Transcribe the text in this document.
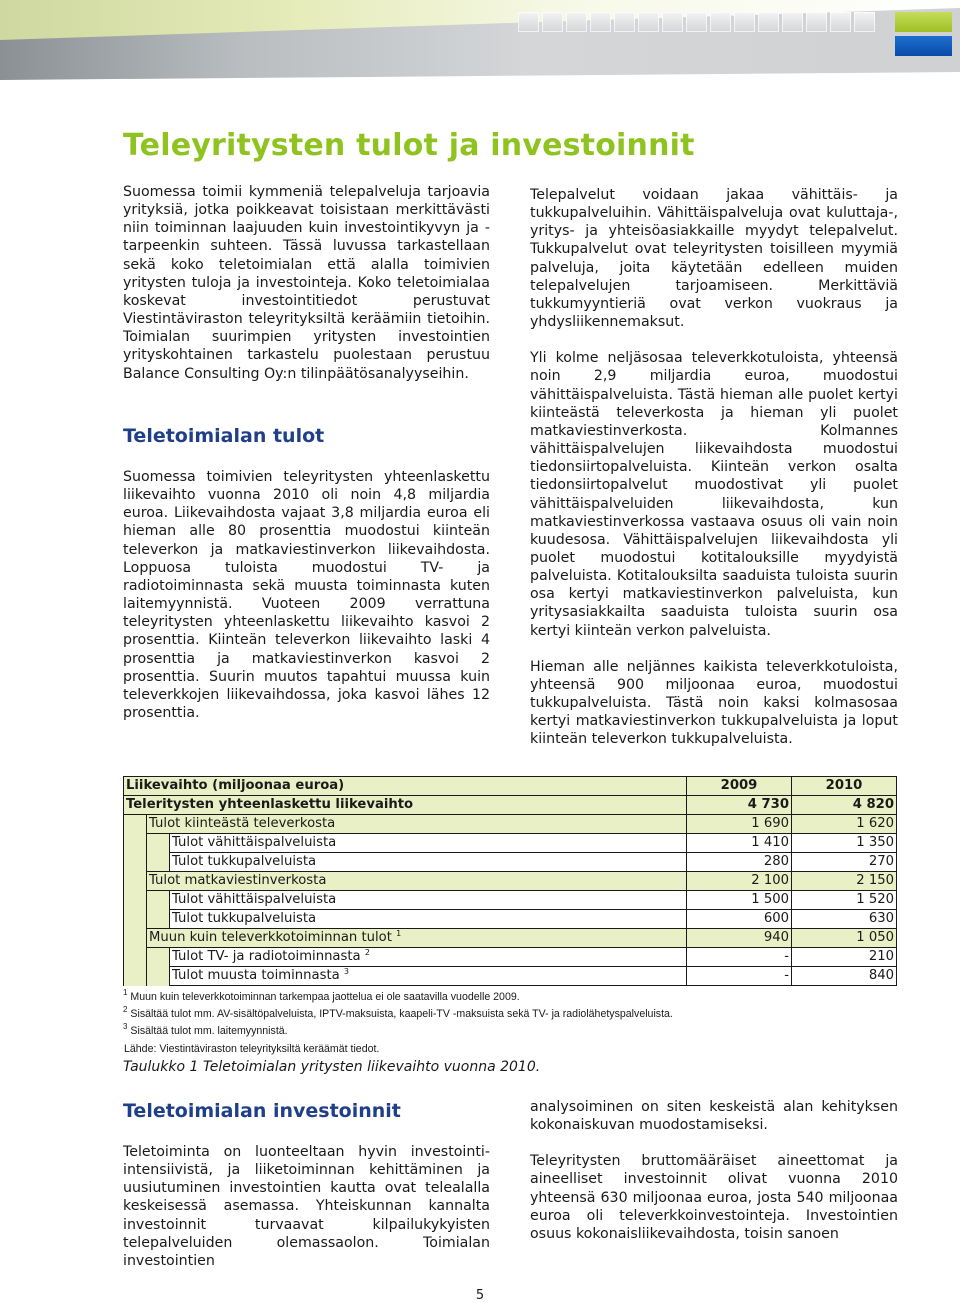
Teleyritysten tulot ja investoinnit

Suomessa toimii kymmeniä telepalveluja tarjoavia yrityksiä, jotka poikkeavat toisistaan merkittävästi niin toiminnan laajuuden kuin investointikyvyn ja -tarpeenkin suhteen. Tässä luvussa tarkastellaan sekä koko teletoimialan että alalla toimivien yritysten tuloja ja investointeja. Koko teletoimialaa koskevat investointitiedot perustuvat Viestintäviraston teleyrityksiltä keräämiin tietoihin. Toimialan suurimpien yritysten investointien yrityskohtainen tarkastelu puolestaan perustuu Balance Consulting Oy:n tilinpäätösanalyyseihin.

Telepalvelut voidaan jakaa vähittäis- ja tukkupalveluihin. Vähittäispalveluja ovat kuluttaja-, yritys- ja yhteisöasiakkaille myydyt telepalvelut. Tukkupalvelut ovat teleyritysten toisilleen myymiä palveluja, joita käytetään edelleen muiden telepalvelujen tarjoamiseen. Merkittäviä tukkumyyntieriä ovat verkon vuokraus ja yhdysliikennemaksut.

Yli kolme neljäsosaa televerkkotuloista, yhteensä noin 2,9 miljardia euroa, muodostui vähittäispalveluista. Tästä hieman alle puolet kertyi kiinteästä televerkosta ja hieman yli puolet matkaviestinverkosta. Kolmannes vähittäispalvelujen liikevaihdosta muodostui tiedonsiirtopalveluista. Kiinteän verkon osalta tiedonsiirtopalvelut muodostivat yli puolet vähittäispalveluiden liikevaihdosta, kun matkaviestinverkossa vastaava osuus oli vain noin kuudesosa. Vähittäispalvelujen liikevaihdosta yli puolet muodostui kotitalouksille myydyistä palveluista. Kotitalouksilta saaduista tuloista suurin osa kertyi matkaviestinverkon palveluista, kun yritysasiakkailta saaduista tuloista suurin osa kertyi kiinteän verkon palveluista.

Hieman alle neljännes kaikista televerkkotuloista, yhteensä 900 miljoonaa euroa, muodostui tukkupalveluista. Tästä noin kaksi kolmasosaa kertyi matkaviestinverkon tukkupalveluista ja loput kiinteän televerkon tukkupalveluista.

Teletoimialan tulot

Suomessa toimivien teleyritysten yhteenlaskettu liikevaihto vuonna 2010 oli noin 4,8 miljardia euroa. Liikevaihdosta vajaat 3,8 miljardia euroa eli hieman alle 80 prosenttia muodostui kiinteän televerkon ja matkaviestinverkon liikevaihdosta. Loppuosa tuloista muodostui TV- ja radiotoiminnasta sekä muusta toiminnasta kuten laitemyynnistä. Vuoteen 2009 verrattuna teleyritysten yhteenlaskettu liikevaihto kasvoi 2 prosenttia. Kiinteän televerkon liikevaihto laski 4 prosenttia ja matkaviestinverkon kasvoi 2 prosenttia. Suurin muutos tapahtui muussa kuin televerkkojen liikevaihdossa, joka kasvoi lähes 12 prosenttia.

Liikevaihto (miljoonaa euroa)			2009	2010
Teleritysten yhteenlaskettu liikevaihto			4 730	4 820
	Tulot kiinteästä televerkosta		1 690	1 620
		Tulot vähittäispalveluista	1 410	1 350
		Tulot tukkupalveluista	280	270
	Tulot matkaviestinverkosta		2 100	2 150
		Tulot vähittäispalveluista	1 500	1 520
		Tulot tukkupalveluista	600	630
	Muun kuin televerkkotoiminnan tulot $^1$		940	1 050
		Tulot TV- ja radiotoiminnasta $^2$	-	210
		Tulot muusta toiminnasta $^3$	-	840
$^1$ Muun kuin televerkkotoiminnan tarkempaa jaottelua ei ole saatavilla vuodelle 2009.
$^2$ Sisältää tulot mm. AV-sisältöpalveluista, IPTV-maksuista, kaapeli-TV -maksuista sekä TV- ja radiolähetyspalveluista.
$^3$ Sisältää tulot mm. laitemyynnistä.
Lähde: Viestintäviraston teleyrityksiltä keräämät tiedot.

Taulukko 1 Teletoimialan yritysten liikevaihto vuonna 2010.

Teletoimialan investoinnit

Teletoiminta on luonteeltaan hyvin investointi-intensiivistä, ja liiketoiminnan kehittäminen ja uusiutuminen investointien kautta ovat telealalla keskeisessä asemassa. Yhteiskunnan kannalta investoinnit turvaavat kilpailukykyisten telepalveluiden olemassaolon. Toimialan investointien

analysoiminen on siten keskeistä alan kehityksen kokonaiskuvan muodostamiseksi.

Teleyritysten bruttomääräiset aineettomat ja aineelliset investoinnit olivat vuonna 2010 yhteensä 630 miljoonaa euroa, josta 540 miljoonaa euroa oli televerkkoinvestointeja. Investointien osuus kokonaisliikevaihdosta, toisin sanoen

5
